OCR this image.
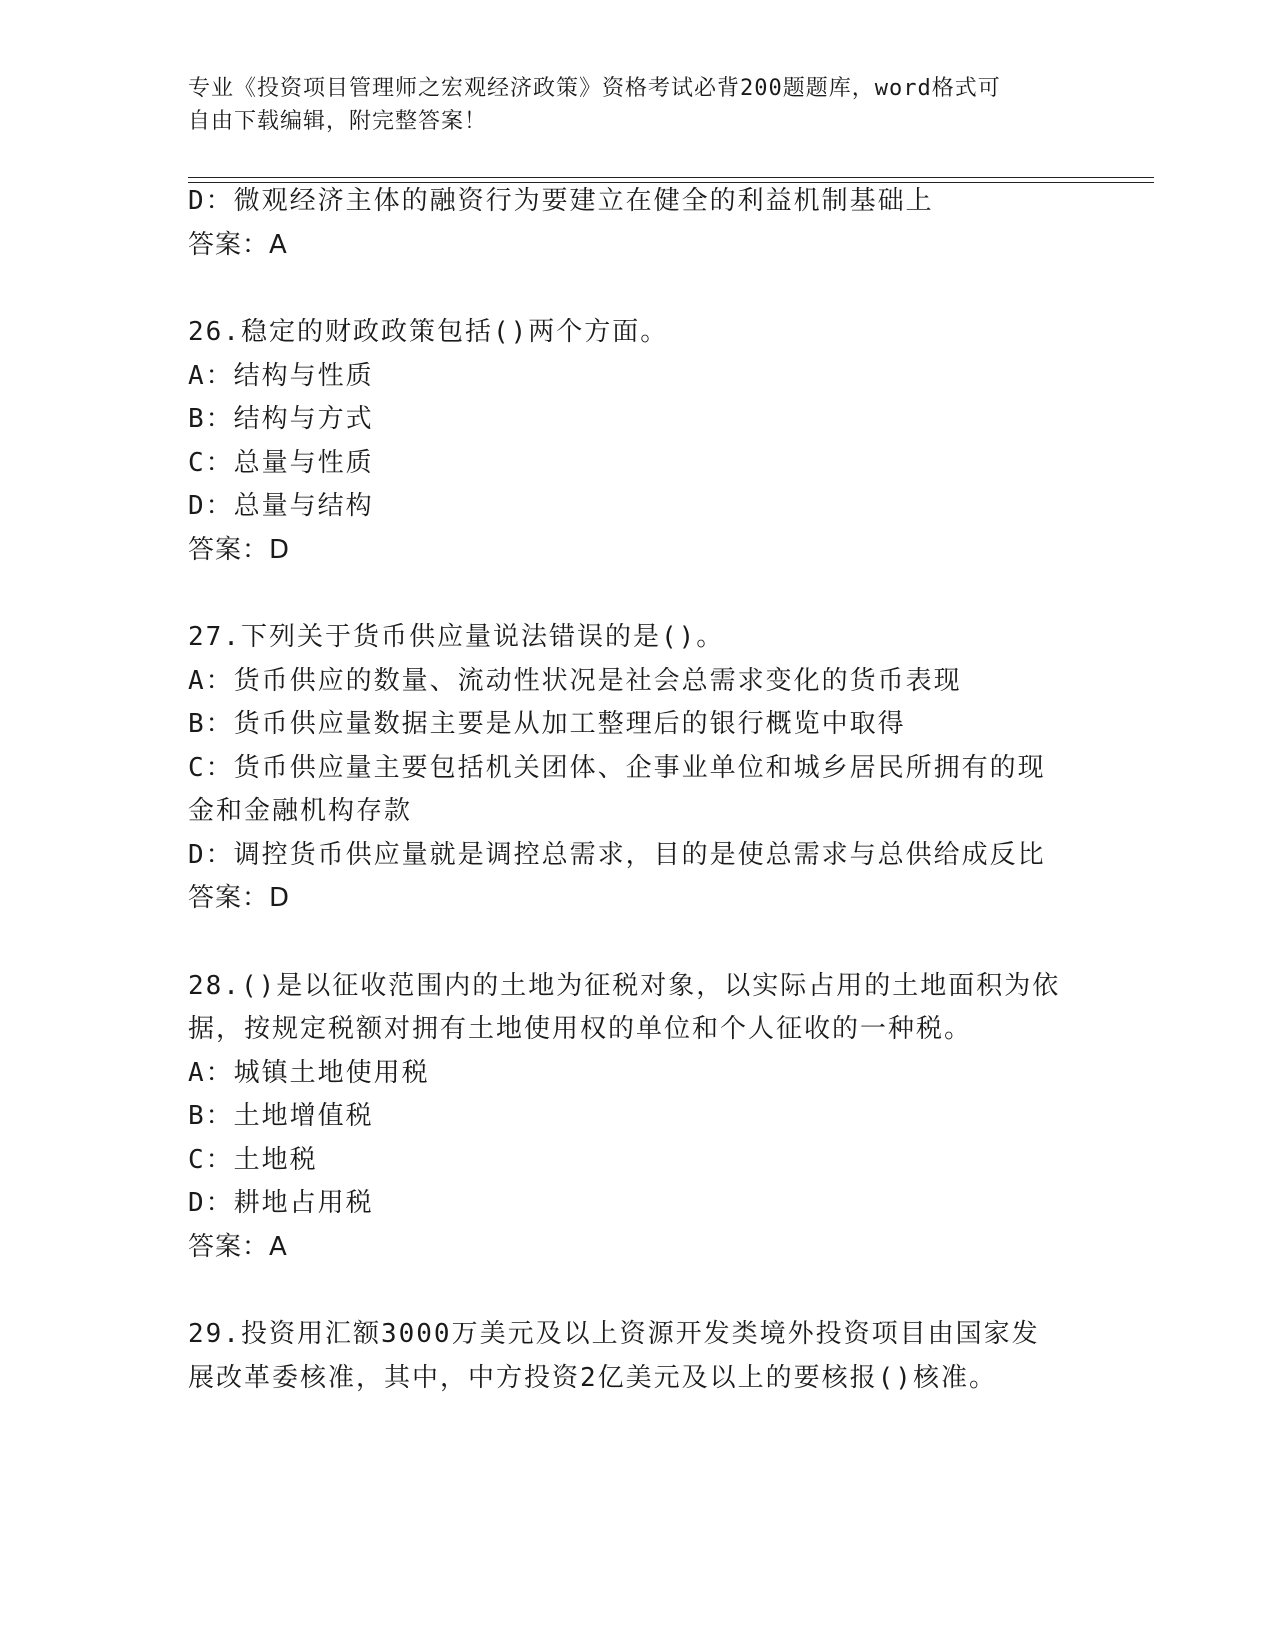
专业《投资项目管理师之宏观经济政策》资格考试必背200题题库，word格式可
自由下载编辑，附完整答案！
D：微观经济主体的融资行为要建立在健全的利益机制基础上
答案：A
26.稳定的财政政策包括()两个方面。
A：结构与性质
B：结构与方式
C：总量与性质
D：总量与结构
答案：D
27.下列关于货币供应量说法错误的是()。
A：货币供应的数量、流动性状况是社会总需求变化的货币表现
B：货币供应量数据主要是从加工整理后的银行概览中取得
C：货币供应量主要包括机关团体、企事业单位和城乡居民所拥有的现
金和金融机构存款
D：调控货币供应量就是调控总需求，目的是使总需求与总供给成反比
答案：D
28.()是以征收范围内的土地为征税对象，以实际占用的土地面积为依
据，按规定税额对拥有土地使用权的单位和个人征收的一种税。
A：城镇土地使用税
B：土地增值税
C：土地税
D：耕地占用税
答案：A
29.投资用汇额3000万美元及以上资源开发类境外投资项目由国家发
展改革委核准，其中，中方投资2亿美元及以上的要核报()核准。
